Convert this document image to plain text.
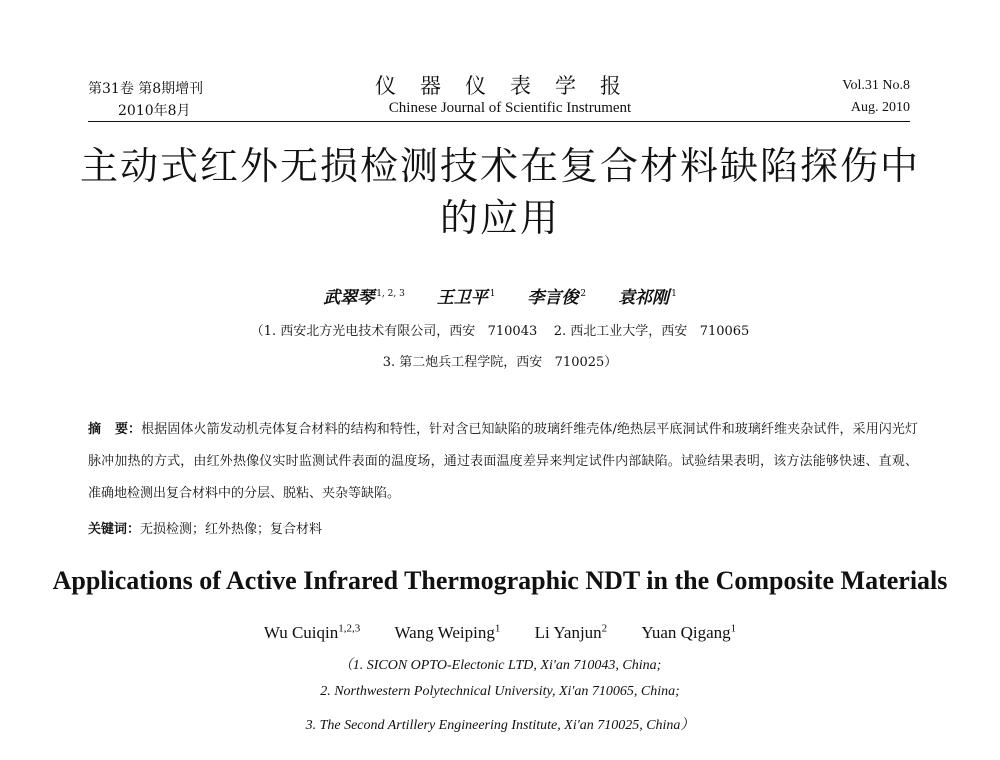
第31卷 第8期增刊
2010年8月
仪器仪表学报
Chinese Journal of Scientific Instrument
Vol.31 No.8
Aug. 2010
主动式红外无损检测技术在复合材料缺陷探伤中
的应用
武翠琴 $^{1, 2, 3}$ 王卫平 $^1$ 李言俊 $^2$ 袁祁刚 $^1$
（1. 西安北方光电技术有限公司，西安   710043    2. 西北工业大学，西安   710065
3. 第二炮兵工程学院，西安   710025）
摘   要：根据固体火箭发动机壳体复合材料的结构和特性，针对含已知缺陷的玻璃纤维壳体/绝热层平底洞试件和玻璃纤维夹杂试件，采用闪光灯脉冲加热的方式，由红外热像仪实时监测试件表面的温度场，通过表面温度差异来判定试件内部缺陷。试验结果表明，该方法能够快速、直观、准确地检测出复合材料中的分层、脱粘、夹杂等缺陷。
关键词：无损检测；红外热像；复合材料
Applications of Active Infrared Thermographic NDT in the Composite Materials
Wu Cuiqin$^{1,2,3}$ Wang Weiping$^1$ Li Yanjun$^2$ Yuan Qigang$^1$
（1. SICON OPTO-Electonic LTD, Xi'an 710043, China;
2. Northwestern Polytechnical University, Xi'an 710065, China;
3. The Second Artillery Engineering Institute, Xi'an 710025, China）
